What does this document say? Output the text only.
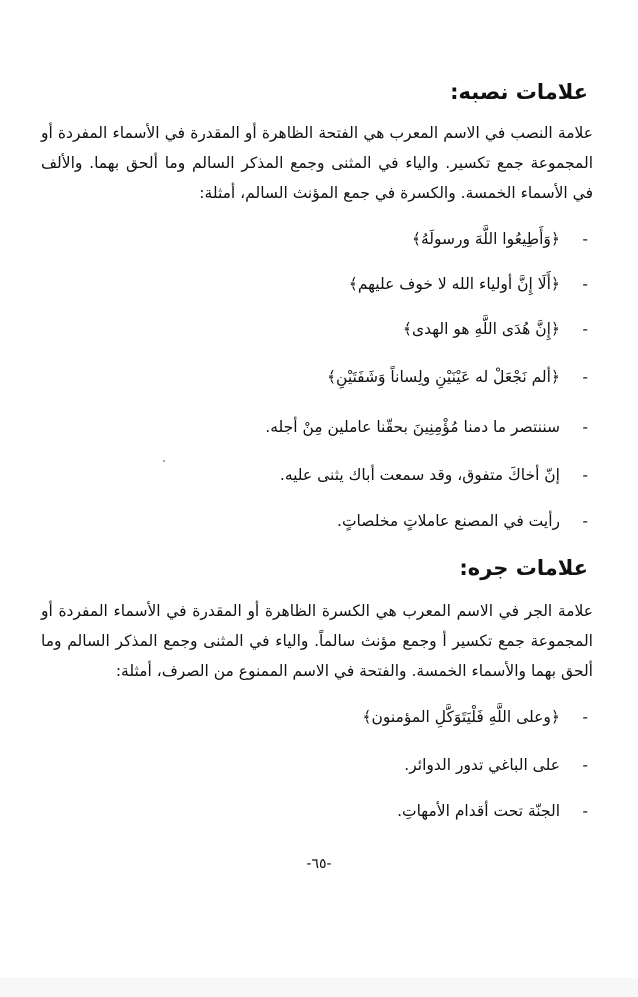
علامات نصبه:

علامة النصب في الاسم المعرب هي الفتحة الظاهرة أو المقدرة في الأسماء المفردة أو المجموعة جمع تكسير. والياء في المثنى وجمع المذكر السالم وما ألحق بهما. والألف في الأسماء الخمسة. والكسرة في جمع المؤنث السالم، أمثلة:

-﴿وَأَطِيعُوا اللَّهَ ورسولَهُ﴾
-﴿أَلَا إِنَّ أولياء الله لا خوف عليهم﴾
-﴿إِنَّ هُدَى اللَّهِ هو الهدى﴾
-﴿ألم نَجْعَلْ له عَيْنَيْنِ ولِساناً وَشَفَتَيْنِ﴾
-سننتصر ما دمنا مُؤْمِنِينَ بحقّنا عاملين مِنْ أجله.
-إنّ أخاكَ متفوق، وقد سمعت أباك يثنى عليه.
-رأيت في المصنع عاملاتٍ مخلصاتٍ.
علامات جره:

علامة الجر في الاسم المعرب هي الكسرة الظاهرة أو المقدرة في الأسماء المفردة أو المجموعة جمع تكسير أ وجمع مؤنث سالماً. والياء في المثنى وجمع المذكر السالم وما ألحق بهما والأسماء الخمسة. والفتحة في الاسم الممنوع من الصرف، أمثلة:

-﴿وعلى اللَّهِ فَلْيَتَوَكَّلِ المؤمنون﴾
-على الباغي تدور الدوائر.
-الجنّة تحت أقدام الأمهاتِ.
-٦٥-
